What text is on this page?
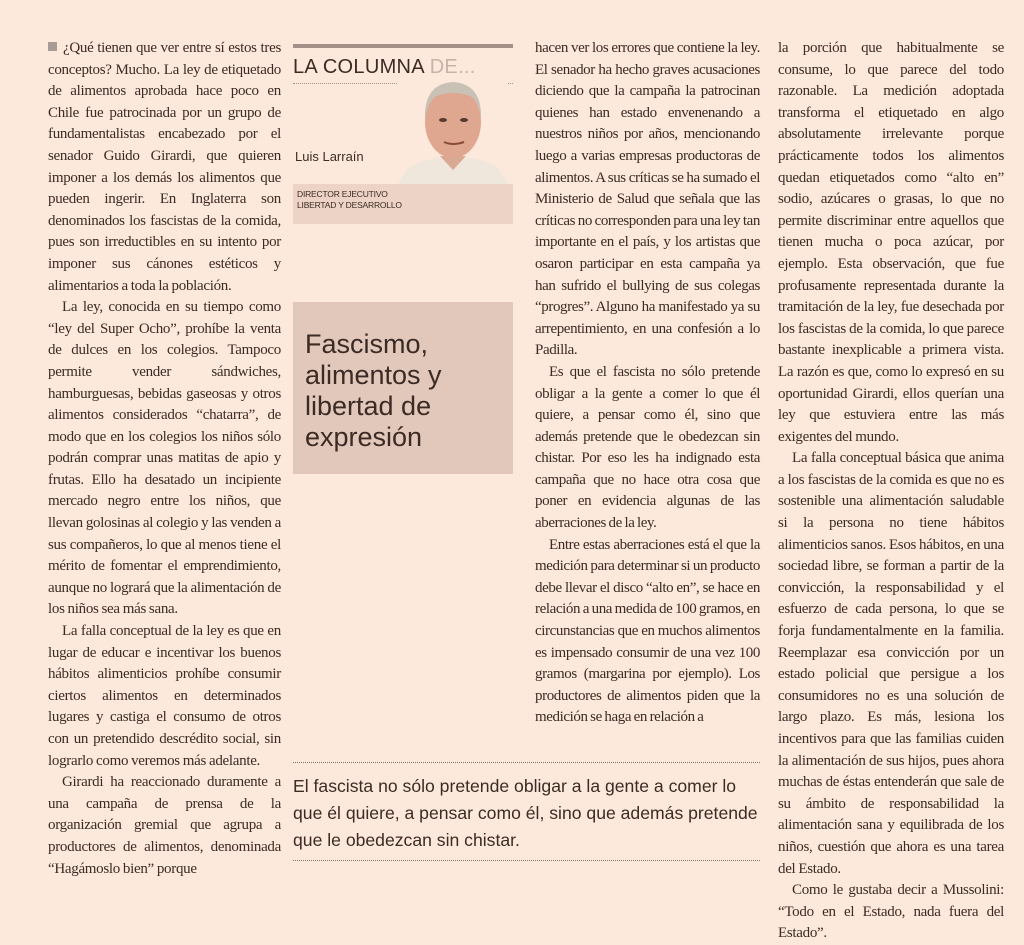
¿Qué tienen que ver entre sí estos tres conceptos? Mucho. La ley de etiquetado de alimentos aprobada hace poco en Chile fue patrocinada por un grupo de fundamentalistas encabezado por el senador Guido Girardi, que quieren imponer a los demás los alimentos que pueden ingerir. En Inglaterra son denominados los fascistas de la comida, pues son irreductibles en su intento por imponer sus cánones estéticos y alimentarios a toda la población.

La ley, conocida en su tiempo como “ley del Super Ocho”, prohíbe la venta de dulces en los colegios. Tampoco permite vender sándwiches, hamburguesas, bebidas gaseosas y otros alimentos considerados “chatarra”, de modo que en los colegios los niños sólo podrán comprar unas matitas de apio y frutas. Ello ha desatado un incipiente mercado negro entre los niños, que llevan golosinas al colegio y las venden a sus compañeros, lo que al menos tiene el mérito de fomentar el emprendimiento, aunque no logrará que la alimentación de los niños sea más sana.

La falla conceptual de la ley es que en lugar de educar e incentivar los buenos hábitos alimenticios prohíbe consumir ciertos alimentos en determinados lugares y castiga el consumo de otros con un pretendido descrédito social, sin lograrlo como veremos más adelante.

Girardi ha reaccionado duramente a una campaña de prensa de la organización gremial que agrupa a productores de alimentos, denominada “Hagámoslo bien” porque

LA COLUMNA DE...
Luis Larraín
DIRECTOR EJECUTIVO
LIBERTAD Y DESARROLLO
Fascismo, alimentos y libertad de expresión

hacen ver los errores que contiene la ley. El senador ha hecho graves acusaciones diciendo que la campaña la patrocinan quienes han estado envenenando a nuestros niños por años, mencionando luego a varias empresas productoras de alimentos. A sus críticas se ha sumado el Ministerio de Salud que señala que las críticas no corresponden para una ley tan importante en el país, y los artistas que osaron participar en esta campaña ya han sufrido el bullying de sus colegas “progres”. Alguno ha manifestado ya su arrepentimiento, en una confesión a lo Padilla.

Es que el fascista no sólo pretende obligar a la gente a comer lo que él quiere, a pensar como él, sino que además pretende que le obedezcan sin chistar. Por eso les ha indignado esta campaña que no hace otra cosa que poner en evidencia algunas de las aberraciones de la ley.

Entre estas aberraciones está el que la medición para determinar si un producto debe llevar el disco “alto en”, se hace en relación a una medida de 100 gramos, en circunstancias que en muchos alimentos es impensado consumir de una vez 100 gramos (margarina por ejemplo). Los productores de alimentos piden que la medición se haga en relación a

la porción que habitualmente se consume, lo que parece del todo razonable. La medición adoptada transforma el etiquetado en algo absolutamente irrelevante porque prácticamente todos los alimentos quedan etiquetados como “alto en” sodio, azúcares o grasas, lo que no permite discriminar entre aquellos que tienen mucha o poca azúcar, por ejemplo. Esta observación, que fue profusamente representada durante la tramitación de la ley, fue desechada por los fascistas de la comida, lo que parece bastante inexplicable a primera vista. La razón es que, como lo expresó en su oportunidad Girardi, ellos querían una ley que estuviera entre las más exigentes del mundo.

La falla conceptual básica que anima a los fascistas de la comida es que no es sostenible una alimentación saludable si la persona no tiene hábitos alimenticios sanos. Esos hábitos, en una sociedad libre, se forman a partir de la convicción, la responsabilidad y el esfuerzo de cada persona, lo que se forja fundamentalmente en la familia. Reemplazar esa convicción por un estado policial que persigue a los consumidores no es una solución de largo plazo. Es más, lesiona los incentivos para que las familias cuiden la alimentación de sus hijos, pues ahora muchas de éstas entenderán que sale de su ámbito de responsabilidad la alimentación sana y equilibrada de los niños, cuestión que ahora es una tarea del Estado.

Como le gustaba decir a Mussolini: “Todo en el Estado, nada fuera del Estado”.

El fascista no sólo pretende obligar a la gente a comer lo que él quiere, a pensar como él, sino que además pretende que le obedezcan sin chistar.
